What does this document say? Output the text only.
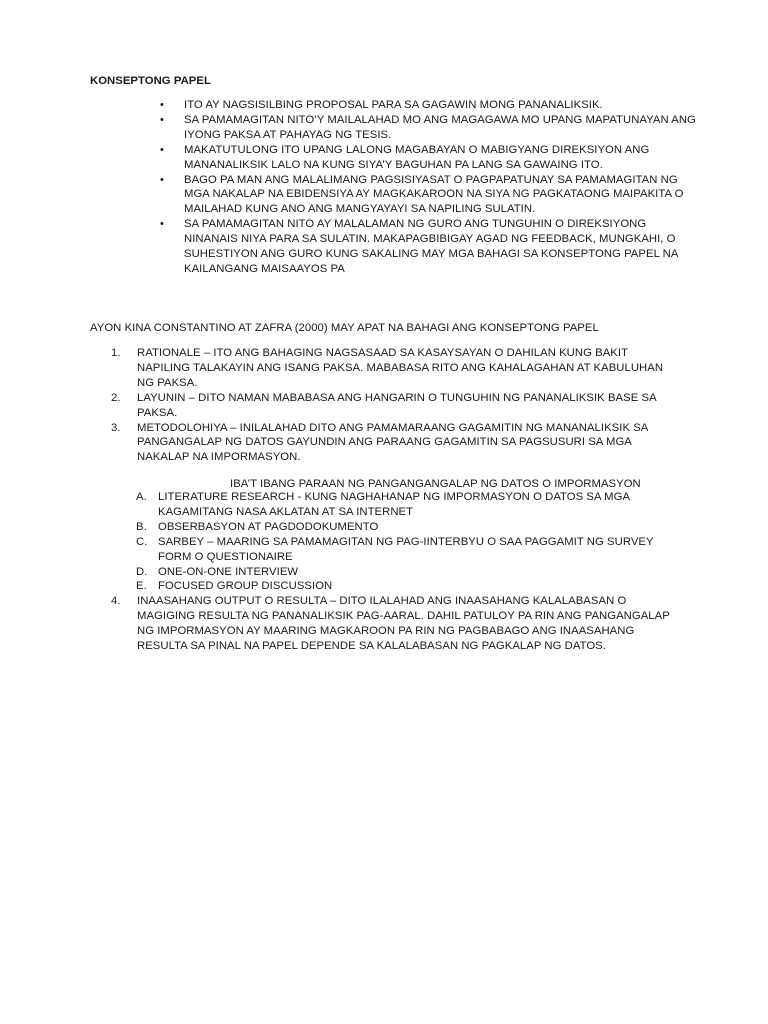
KONSEPTONG PAPEL
• ITO AY NAGSISILBING PROPOSAL PARA SA GAGAWIN MONG PANANALIKSIK.
• SA PAMAMAGITAN NITO’Y MAILALAHAD MO ANG MAGAGAWA MO UPANG MAPATUNAYAN ANG IYONG PAKSA AT PAHAYAG NG TESIS.
• MAKATUTULONG ITO UPANG LALONG MAGABAYAN O MABIGYANG DIREKSIYON ANG MANANALIKSIK LALO NA KUNG SIYA’Y BAGUHAN PA LANG SA GAWAING ITO.
• BAGO PA MAN ANG MALALIMANG PAGSISIYASAT O PAGPAPATUNAY SA PAMAMAGITAN NG MGA NAKALAP NA EBIDENSIYA AY MAGKAKAROON NA SIYA NG PAGKATAONG MAIPAKITA O MAILAHAD KUNG ANO ANG MANGYAYAYI SA NAPILING SULATIN.
• SA PAMAMAGITAN NITO AY MALALAMAN NG GURO ANG TUNGUHIN O DIREKSIYONG NINANAIS NIYA PARA SA SULATIN. MAKAPAGBIBIGAY AGAD NG FEEDBACK, MUNGKAHI, O SUHESTIYON ANG GURO KUNG SAKALING MAY MGA BAHAGI SA KONSEPTONG PAPEL NA KAILANGANG MAISAAYOS PA
AYON KINA CONSTANTINO AT ZAFRA (2000) MAY APAT NA BAHAGI ANG KONSEPTONG PAPEL
1. RATIONALE – ITO ANG BAHAGING NAGSASAAD SA KASAYSAYAN O DAHILAN KUNG BAKIT NAPILING TALAKAYIN ANG ISANG PAKSA. MABABASA RITO ANG KAHALAGAHAN AT KABULUHAN NG PAKSA.
2. LAYUNIN – DITO NAMAN MABABASA ANG HANGARIN O TUNGUHIN NG PANANALIKSIK BASE SA PAKSA.
3. METODOLOHIYA – INILALAHAD DITO ANG PAMAMARAANG GAGAMITIN NG MANANALIKSIK SA PANGANGALAP NG DATOS GAYUNDIN ANG PARAANG GAGAMITIN SA PAGSUSURI SA MGA NAKALAP NA IMPORMASYON.
IBA’T IBANG PARAAN NG PANGANGANGALAP NG DATOS O IMPORMASYON
A. LITERATURE RESEARCH - KUNG NAGHAHANAP NG IMPORMASYON O DATOS SA MGA KAGAMITANG NASA AKLATAN AT SA INTERNET
B. OBSERBASYON AT PAGDODOKUMENTO
C. SARBEY – MAARING SA PAMAMAGITAN NG PAG-IINTERBYU O SAA PAGGAMIT NG SURVEY FORM O QUESTIONAIRE
D. ONE-ON-ONE INTERVIEW
E. FOCUSED GROUP DISCUSSION
4. INAASAHANG OUTPUT O RESULTA – DITO ILALAHAD ANG INAASAHANG KALALABASAN O MAGIGING RESULTA NG PANANALIKSIK PAG-AARAL. DAHIL PATULOY PA RIN ANG PANGANGALAP NG IMPORMASYON AY MAARING MAGKAROON PA RIN NG PAGBABAGO ANG INAASAHANG RESULTA SA PINAL NA PAPEL DEPENDE SA KALALABASAN NG PAGKALAP NG DATOS.
